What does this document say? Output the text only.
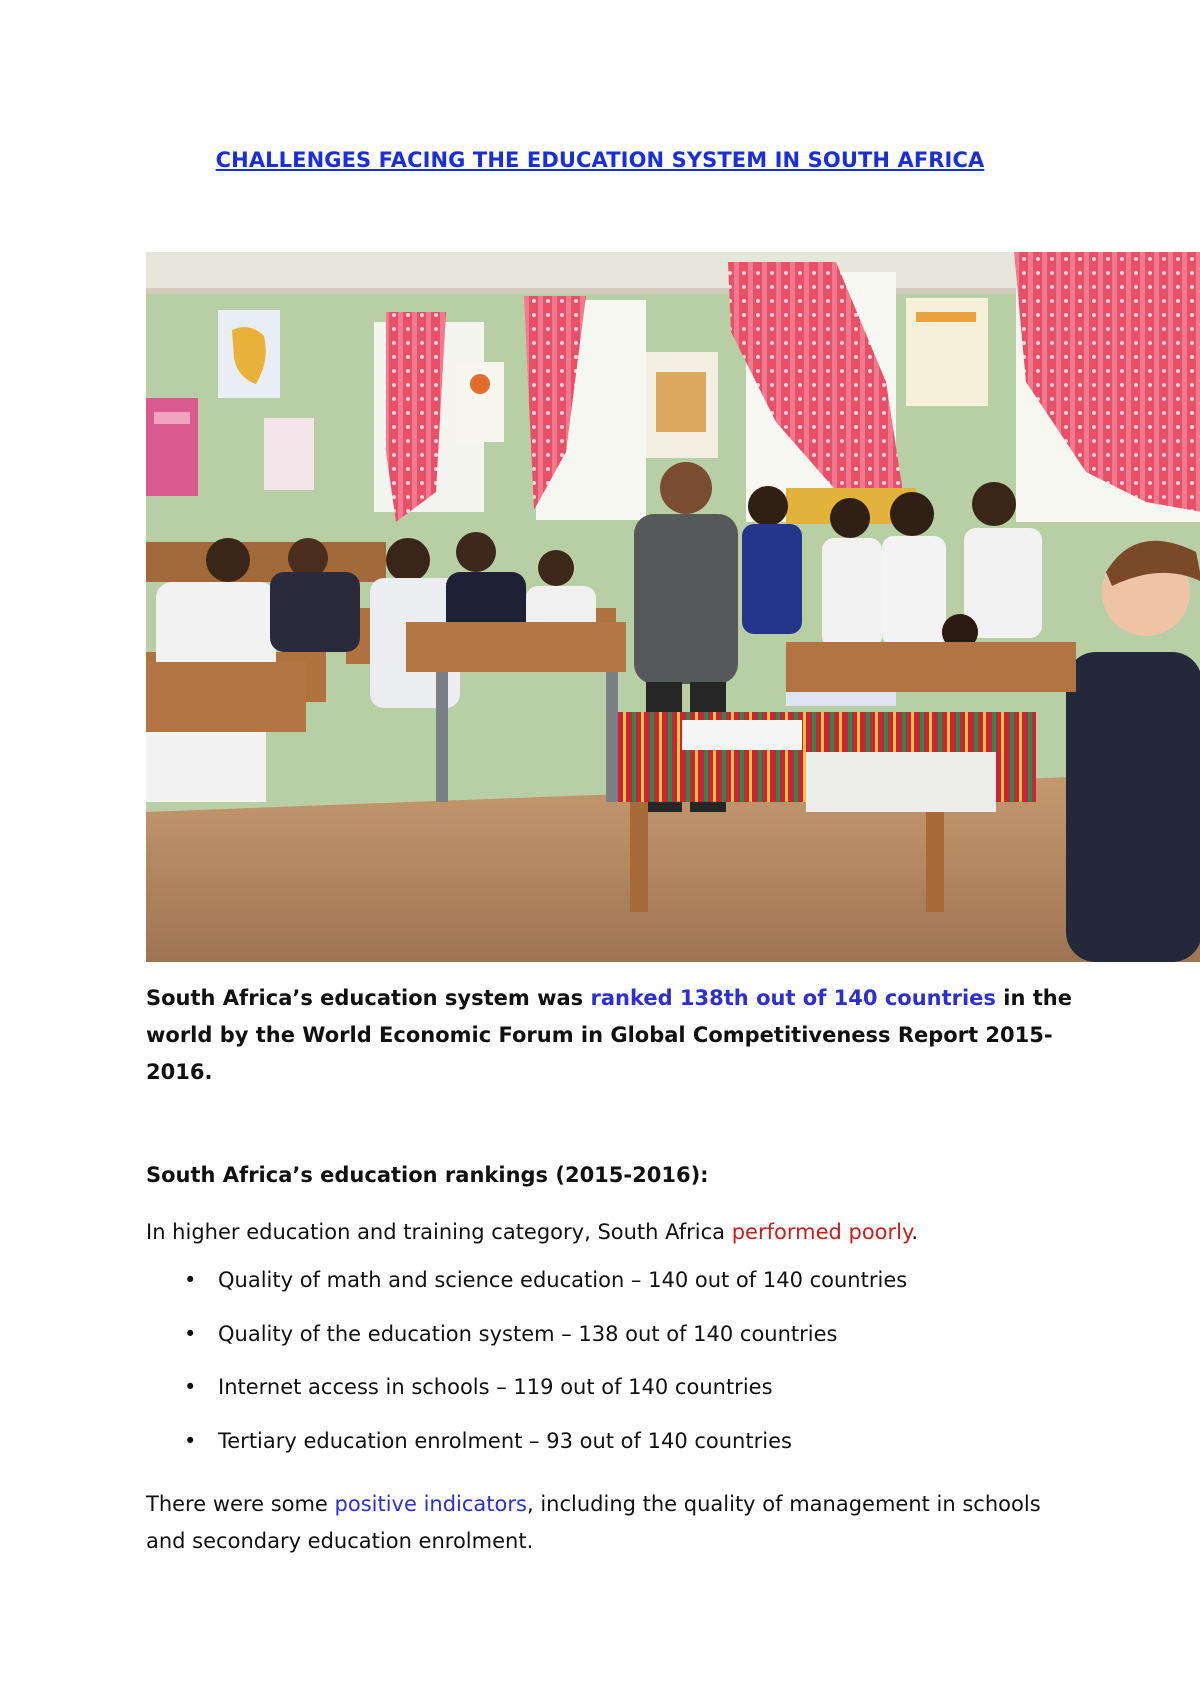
CHALLENGES FACING THE EDUCATION SYSTEM IN SOUTH AFRICA
South Africa’s education system was ranked 138th out of 140 countries in the world by the World Economic Forum in Global Competitiveness Report 2015-2016.
South Africa’s education rankings (2015-2016):
In higher education and training category, South Africa performed poorly.
• Quality of math and science education – 140 out of 140 countries
• Quality of the education system – 138 out of 140 countries
• Internet access in schools – 119 out of 140 countries
• Tertiary education enrolment – 93 out of 140 countries
There were some positive indicators, including the quality of management in schools and secondary education enrolment.
